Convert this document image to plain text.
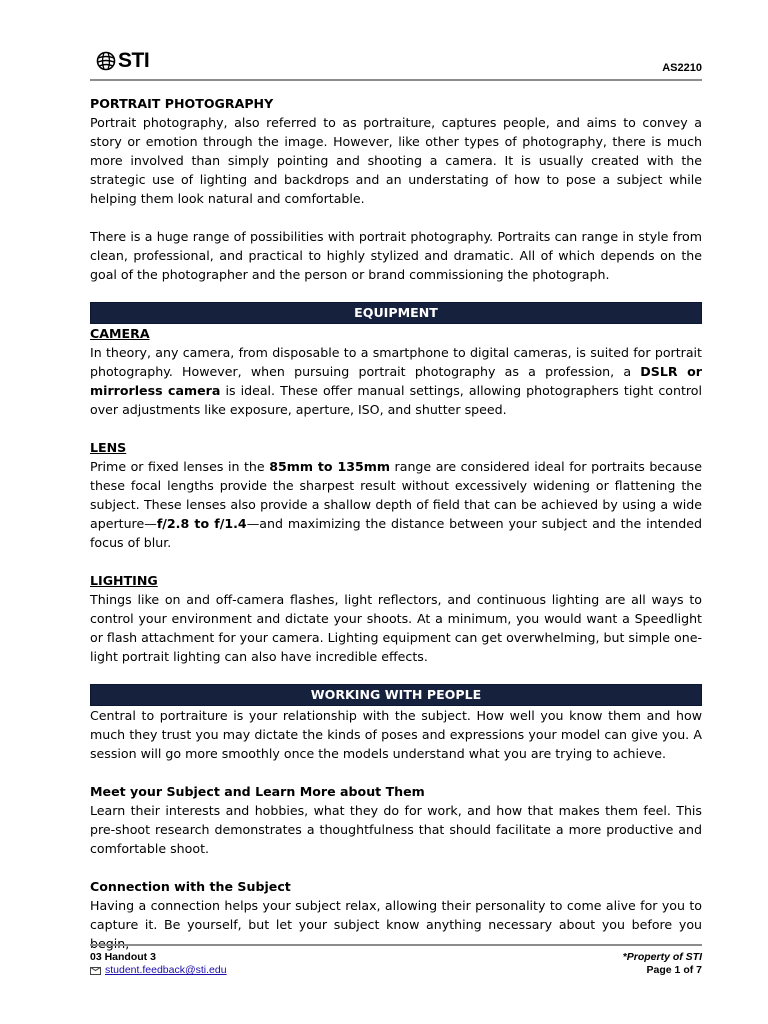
STI	AS2210

PORTRAIT PHOTOGRAPHY

Portrait photography, also referred to as portraiture, captures people, and aims to convey a story or emotion through the image. However, like other types of photography, there is much more involved than simply pointing and shooting a camera. It is usually created with the strategic use of lighting and backdrops and an understating of how to pose a subject while helping them look natural and comfortable.

There is a huge range of possibilities with portrait photography. Portraits can range in style from clean, professional, and practical to highly stylized and dramatic. All of which depends on the goal of the photographer and the person or brand commissioning the photograph.

EQUIPMENT

CAMERA

In theory, any camera, from disposable to a smartphone to digital cameras, is suited for portrait photography. However, when pursuing portrait photography as a profession, a DSLR or mirrorless camera is ideal. These offer manual settings, allowing photographers tight control over adjustments like exposure, aperture, ISO, and shutter speed.

LENS

Prime or fixed lenses in the 85mm to 135mm range are considered ideal for portraits because these focal lengths provide the sharpest result without excessively widening or flattening the subject. These lenses also provide a shallow depth of field that can be achieved by using a wide aperture—f/2.8 to f/1.4—and maximizing the distance between your subject and the intended focus of blur.

LIGHTING

Things like on and off-camera flashes, light reflectors, and continuous lighting are all ways to control your environment and dictate your shoots. At a minimum, you would want a Speedlight or flash attachment for your camera. Lighting equipment can get overwhelming, but simple one-light portrait lighting can also have incredible effects.

WORKING WITH PEOPLE

Central to portraiture is your relationship with the subject. How well you know them and how much they trust you may dictate the kinds of poses and expressions your model can give you. A session will go more smoothly once the models understand what you are trying to achieve.

Meet your Subject and Learn More about Them

Learn their interests and hobbies, what they do for work, and how that makes them feel. This pre-shoot research demonstrates a thoughtfulness that should facilitate a more productive and comfortable shoot.

Connection with the Subject

Having a connection helps your subject relax, allowing their personality to come alive for you to capture it. Be yourself, but let your subject know anything necessary about you before you begin,

03 Handout 3
student.feedback@sti.edu
*Property of STI
Page 1 of 7
